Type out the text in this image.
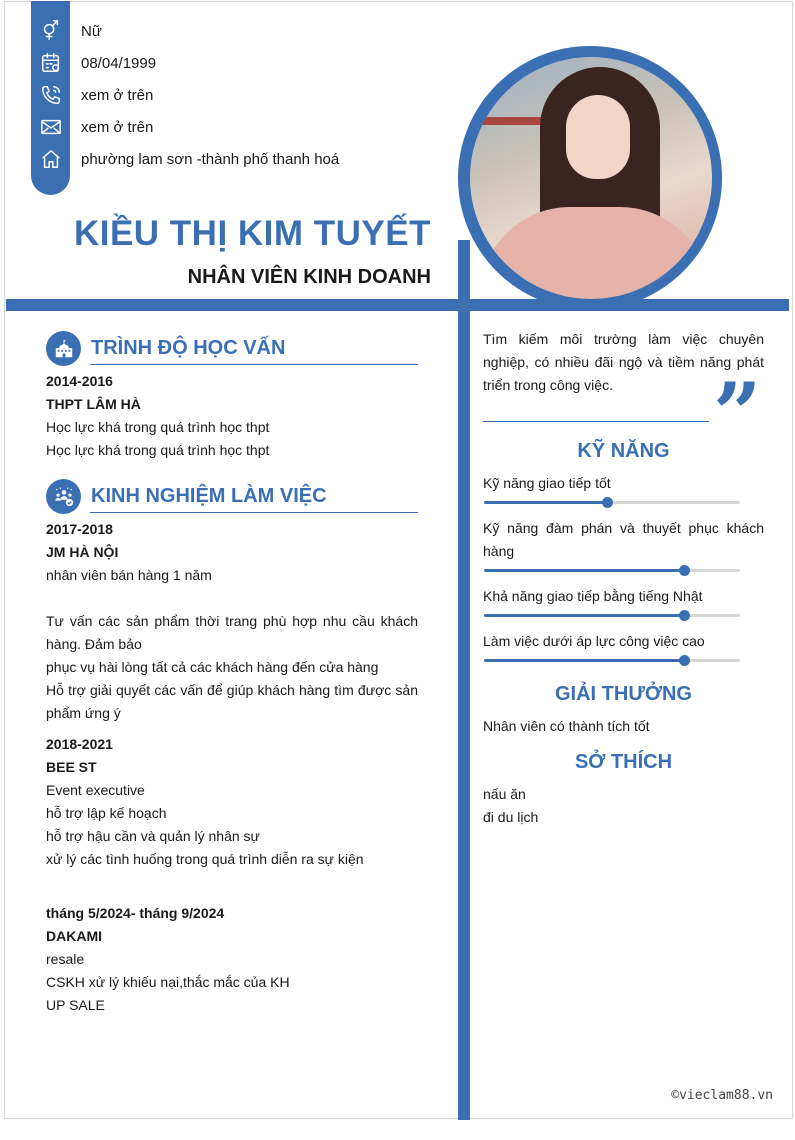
Nữ
08/04/1999
xem ở trên
xem ở trên
phường lam sơn -thành phố thanh hoá
KIỀU THỊ KIM TUYẾT
NHÂN VIÊN KINH DOANH
TRÌNH ĐỘ HỌC VẤN
2014-2016
THPT LÂM HÀ
Học lực khá trong quá trình học thpt
Học lực khá trong quá trình học thpt
KINH NGHIỆM LÀM VIỆC
2017-2018
JM HÀ NỘI
nhân viên bán hàng 1 năm
Tư vấn các sản phẩm thời trang phù hợp nhu cầu khách hàng. Đảm bảo
phục vụ hài lòng tất cả các khách hàng đến cửa hàng
Hỗ trợ giải quyết các vấn để giúp khách hàng tìm được sản phẩm ứng ý
2018-2021
BEE ST
Event executive
hỗ trợ lập kế hoạch
hỗ trợ hậu cần và quản lý nhân sự
xử lý các tình huống trong quá trình diễn ra sự kiện
tháng 5/2024- tháng 9/2024
DAKAMI
resale
CSKH xử lý khiếu nại,thắc mắc của KH
UP SALE
Tìm kiếm môi trường làm việc chuyên nghiệp, có nhiều đãi ngộ và tiềm năng phát triển trong công việc.	”
KỸ NĂNG
Kỹ năng giao tiếp tốt
Kỹ năng đàm phán và thuyết phục khách hàng
Khả năng giao tiếp bằng tiếng Nhật
Làm việc dưới áp lực công việc cao
GIẢI THƯỞNG
Nhân viên có thành tích tốt
SỞ THÍCH
nấu ăn
đi du lịch
©vieclam88.vn
